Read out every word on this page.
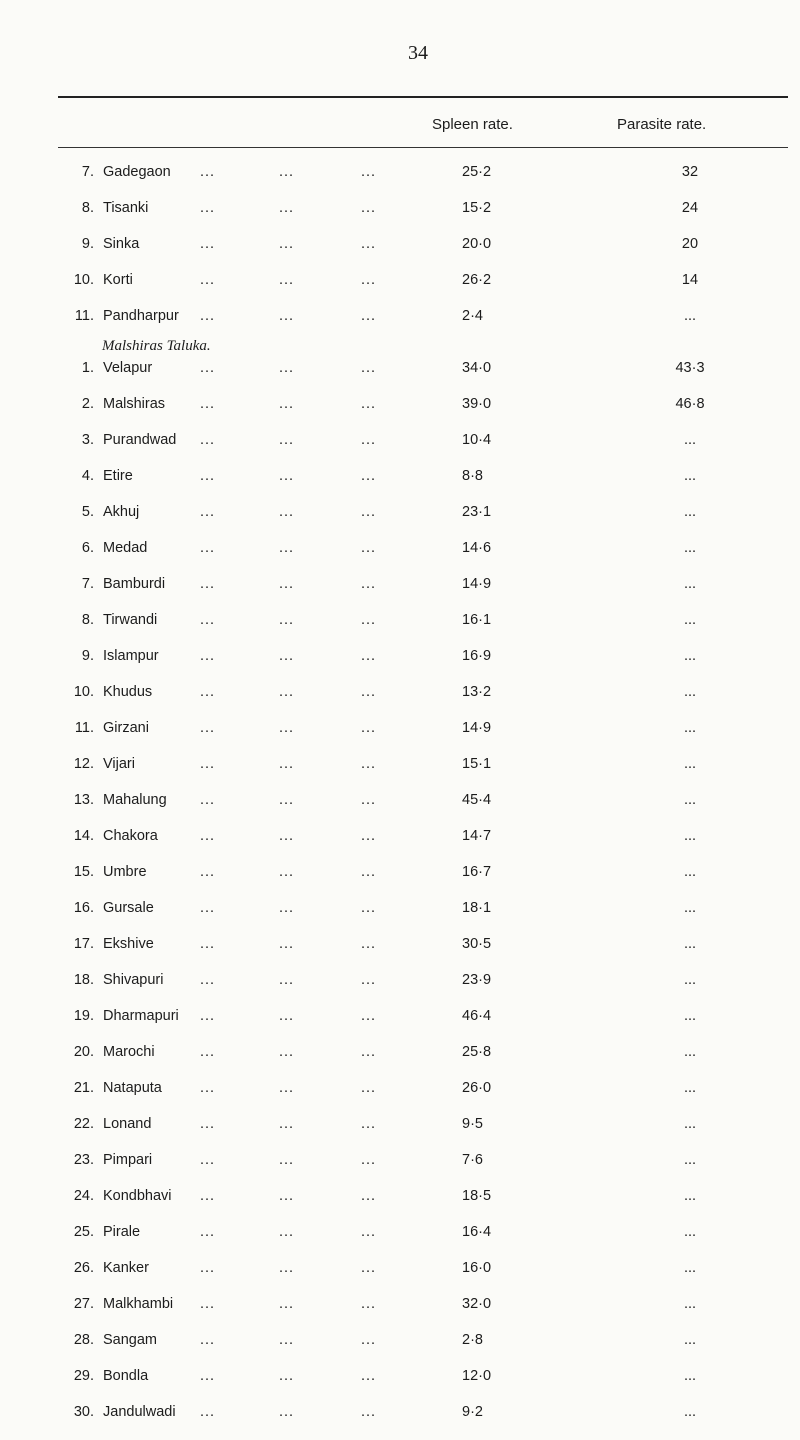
34
Spleen rate.	Parasite rate.
7. Gadegaon ...	...	...	25·2	32
8. Tisanki	...	...	...	15·2	24
9. Sinka	...	...	...	20·0	20
10. Korti	...	...	...	26·2	14
11. Pandharpur ...	...	...	2·4	...
Malshiras Taluka.
1. Velapur	...	...	...	34·0	43·3
2. Malshiras ...	...	...	39·0	46·8
3. Purandwad ...	...	...	10·4	...
4. Etire	...	...	...	8·8	...
5. Akhuj	...	...	...	23·1	...
6. Medad	...	...	...	14·6	...
7. Bamburdi ...	...	...	14·9	...
8. Tirwandi	...	...	...	16·1	...
9. Islampur	...	...	...	16·9	...
10. Khudus	...	...	...	13·2	...
11. Girzani	...	...	...	14·9	...
12. Vijari	...	...	...	15·1	...
13. Mahalung ...	...	...	45·4	...
14. Chakora	...	...	...	14·7	...
15. Umbre	...	...	...	16·7	...
16. Gursale	...	...	...	18·1	...
17. Ekshive	...	...	...	30·5	...
18. Shivapuri	...	...	...	23·9	...
19. Dharmapuri ...	...	...	46·4	...
20. Marochi	...	...	...	25·8	...
21. Nataputa	...	...	...	26·0	...
22. Lonand	...	...	...	9·5	...
23. Pimpari	...	...	...	7·6	...
24. Kondbhavi ...	...	...	18·5	...
25. Pirale	...	...	...	16·4	...
26. Kanker	...	...	...	16·0	...
27. Malkhambi ...	...	...	32·0	...
28. Sangam	...	...	...	2·8	...
29. Bondla	...	...	...	12·0	...
30. Jandulwadi ...	...	...	9·2	...
